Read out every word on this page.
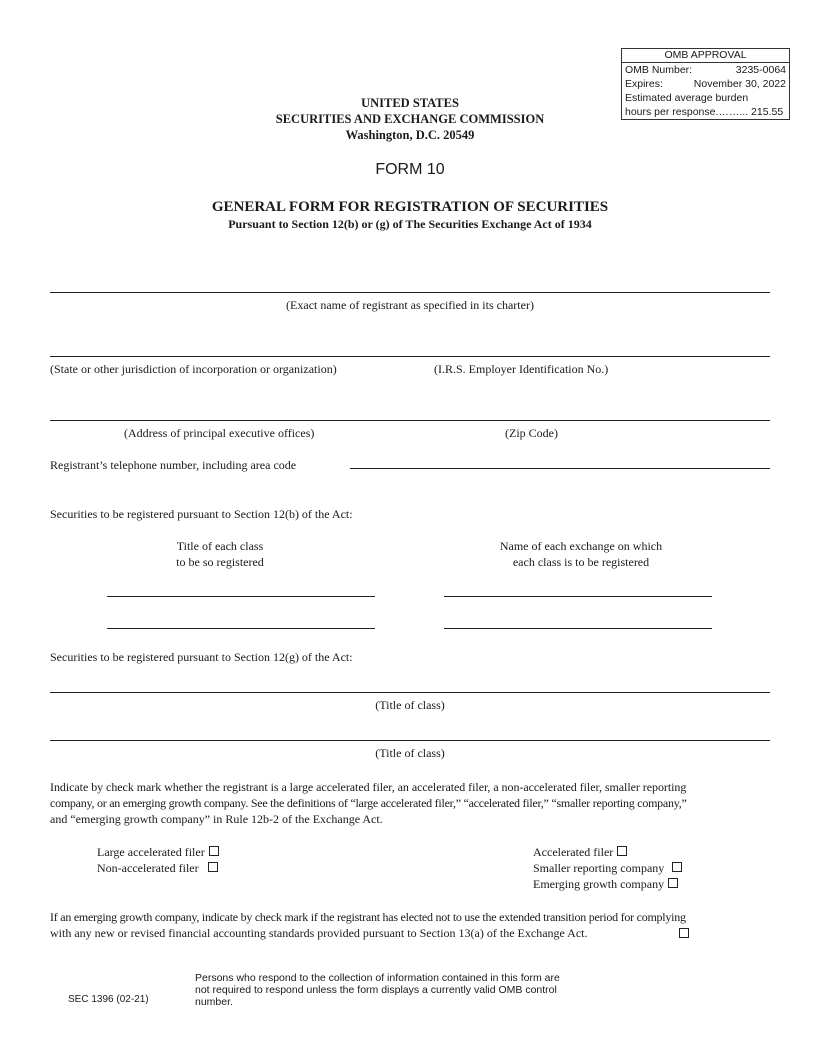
OMB APPROVAL
OMB Number:	3235-0064
Expires:	November 30, 2022
Estimated average burden
hours per response.……... 215.55
UNITED STATES
SECURITIES AND EXCHANGE COMMISSION
Washington, D.C. 20549
FORM 10
GENERAL FORM FOR REGISTRATION OF SECURITIES
Pursuant to Section 12(b) or (g) of The Securities Exchange Act of 1934
(Exact name of registrant as specified in its charter)
(State or other jurisdiction of incorporation or organization)	(I.R.S. Employer Identification No.)
(Address of principal executive offices)	(Zip Code)
Registrant’s telephone number, including area code
Securities to be registered pursuant to Section 12(b) of the Act:
Title of each class
to be so registered
Name of each exchange on which
each class is to be registered
Securities to be registered pursuant to Section 12(g) of the Act:
(Title of class)
(Title of class)
Indicate by check mark whether the registrant is a large accelerated filer, an accelerated filer, a non-accelerated filer, smaller reporting
company, or an emerging growth company. See the definitions of “large accelerated filer,” “accelerated filer,” “smaller reporting company,”
and “emerging growth company” in Rule 12b-2 of the Exchange Act.
Large accelerated filer
Non-accelerated filer
Accelerated filer
Smaller reporting company
Emerging growth company
If an emerging growth company, indicate by check mark if the registrant has elected not to use the extended transition period for complying
with any new or revised financial accounting standards provided pursuant to Section 13(a) of the Exchange Act.
SEC 1396 (02-21)
Persons who respond to the collection of information contained in this form are
not required to respond unless the form displays a currently valid OMB control
number.
